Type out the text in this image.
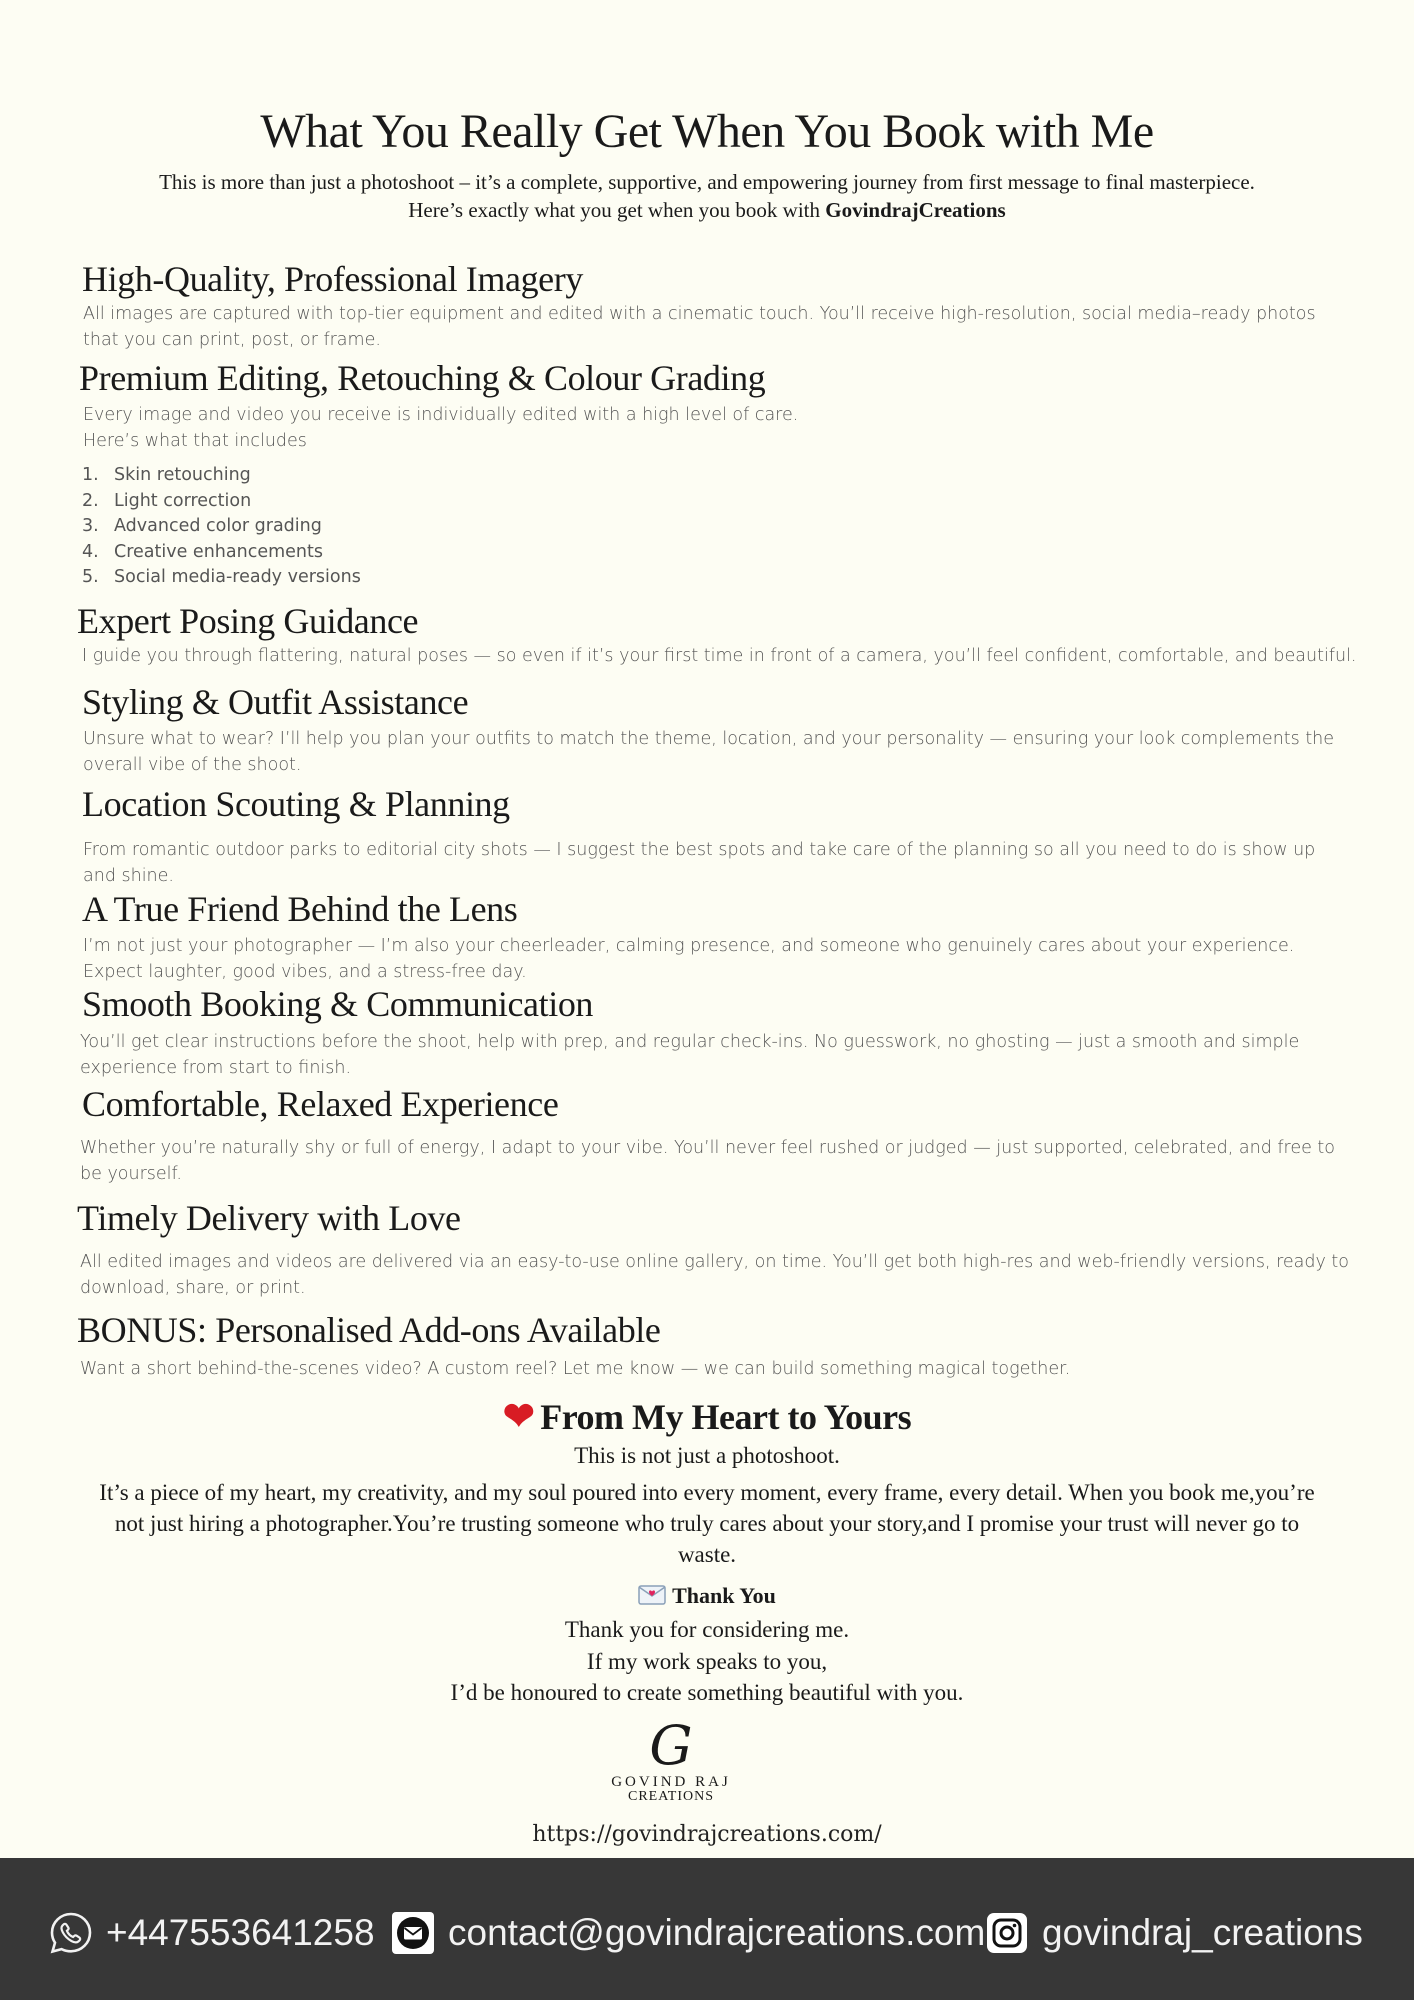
What You Really Get When You Book with Me
This is more than just a photoshoot – it’s a complete, supportive, and empowering journey from first message to final masterpiece.
Here’s exactly what you get when you book with GovindrajCreations
High-Quality, Professional Imagery

All images are captured with top-tier equipment and edited with a cinematic touch. You’ll receive high-resolution, social media–ready photos that you can print, post, or frame.

Premium Editing, Retouching & Colour Grading

Every image and video you receive is individually edited with a high level of care.

Here’s what that includes

1. Skin retouching
2. Light correction
3. Advanced color grading
4. Creative enhancements
5. Social media-ready versions
Expert Posing Guidance

I guide you through flattering, natural poses — so even if it’s your first time in front of a camera, you’ll feel confident, comfortable, and beautiful.

Styling & Outfit Assistance

Unsure what to wear? I’ll help you plan your outfits to match the theme, location, and your personality — ensuring your look complements the overall vibe of the shoot.

Location Scouting & Planning

From romantic outdoor parks to editorial city shots — I suggest the best spots and take care of the planning so all you need to do is show up and shine.

A True Friend Behind the Lens

I’m not just your photographer — I’m also your cheerleader, calming presence, and someone who genuinely cares about your experience. Expect laughter, good vibes, and a stress-free day.

Smooth Booking & Communication

You’ll get clear instructions before the shoot, help with prep, and regular check-ins. No guesswork, no ghosting — just a smooth and simple experience from start to finish.

Comfortable, Relaxed Experience

Whether you’re naturally shy or full of energy, I adapt to your vibe. You’ll never feel rushed or judged — just supported, celebrated, and free to be yourself.

Timely Delivery with Love

All edited images and videos are delivered via an easy-to-use online gallery, on time. You’ll get both high-res and web-friendly versions, ready to download, share, or print.

BONUS: Personalised Add-ons Available

Want a short behind-the-scenes video? A custom reel? Let me know — we can build something magical together.

❤ From My Heart to Yours

This is not just a photoshoot.

It’s a piece of my heart, my creativity, and my soul poured into every moment, every frame, every detail. When you book me,you’re not just hiring a photographer.You’re trusting someone who truly cares about your story,and I promise your trust will never go to waste.

Thank You

Thank you for considering me.

If my work speaks to you,

I’d be honoured to create something beautiful with you.

G
GOVIND RAJ
CREATIONS
https://govindrajcreations.com/
+447553641258 contact@govindrajcreations.com govindraj_creations
